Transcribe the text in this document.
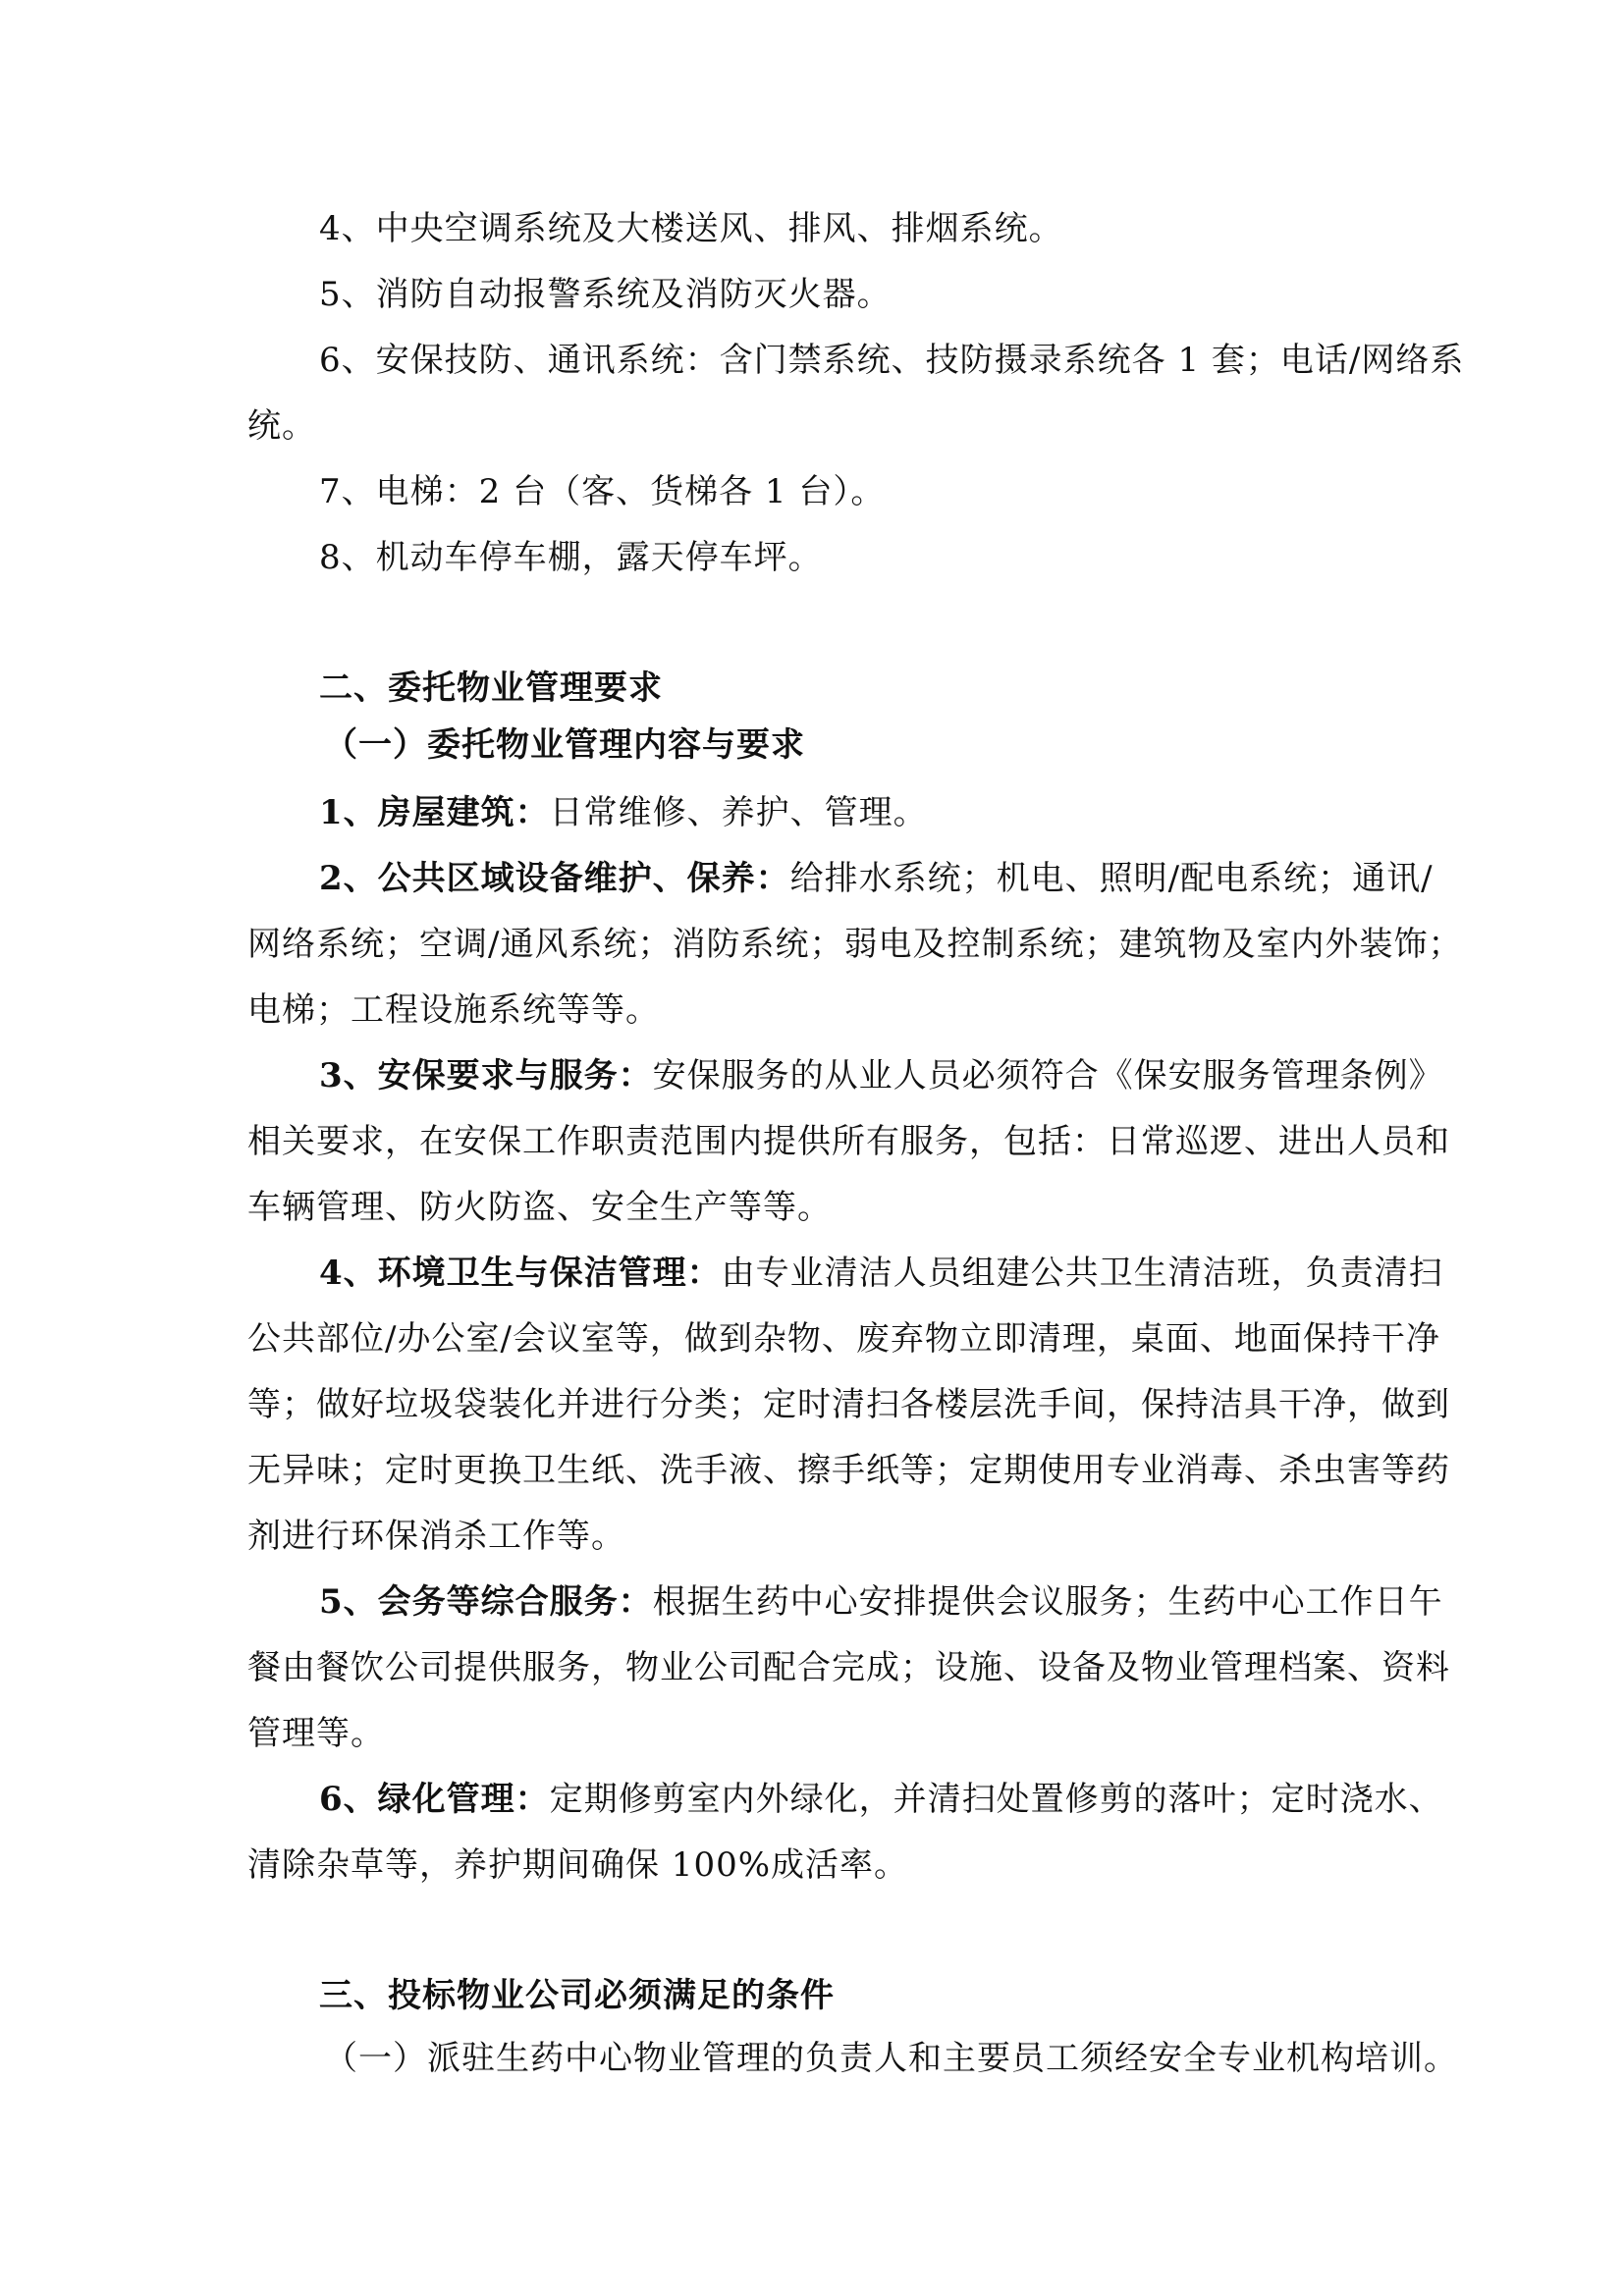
4、中央空调系统及大楼送风、排风、排烟系统。
5、消防自动报警系统及消防灭火器。
6、安保技防、通讯系统：含门禁系统、技防摄录系统各 1 套；电话/网络系
统。
7、电梯：2 台（客、货梯各 1 台）。
8、机动车停车棚，露天停车坪。
二、委托物业管理要求
（一）委托物业管理内容与要求
1、房屋建筑：日常维修、养护、管理。
2、公共区域设备维护、保养：给排水系统；机电、照明/配电系统；通讯/
网络系统；空调/通风系统；消防系统；弱电及控制系统；建筑物及室内外装饰；
电梯；工程设施系统等等。
3、安保要求与服务：安保服务的从业人员必须符合《保安服务管理条例》
相关要求，在安保工作职责范围内提供所有服务，包括：日常巡逻、进出人员和
车辆管理、防火防盗、安全生产等等。
4、环境卫生与保洁管理：由专业清洁人员组建公共卫生清洁班，负责清扫
公共部位/办公室/会议室等，做到杂物、废弃物立即清理，桌面、地面保持干净
等；做好垃圾袋装化并进行分类；定时清扫各楼层洗手间，保持洁具干净，做到
无异味；定时更换卫生纸、洗手液、擦手纸等；定期使用专业消毒、杀虫害等药
剂进行环保消杀工作等。
5、会务等综合服务：根据生药中心安排提供会议服务；生药中心工作日午
餐由餐饮公司提供服务，物业公司配合完成；设施、设备及物业管理档案、资料
管理等。
6、绿化管理：定期修剪室内外绿化，并清扫处置修剪的落叶；定时浇水、
清除杂草等，养护期间确保 100%成活率。
三、投标物业公司必须满足的条件
（一）派驻生药中心物业管理的负责人和主要员工须经安全专业机构培训。
